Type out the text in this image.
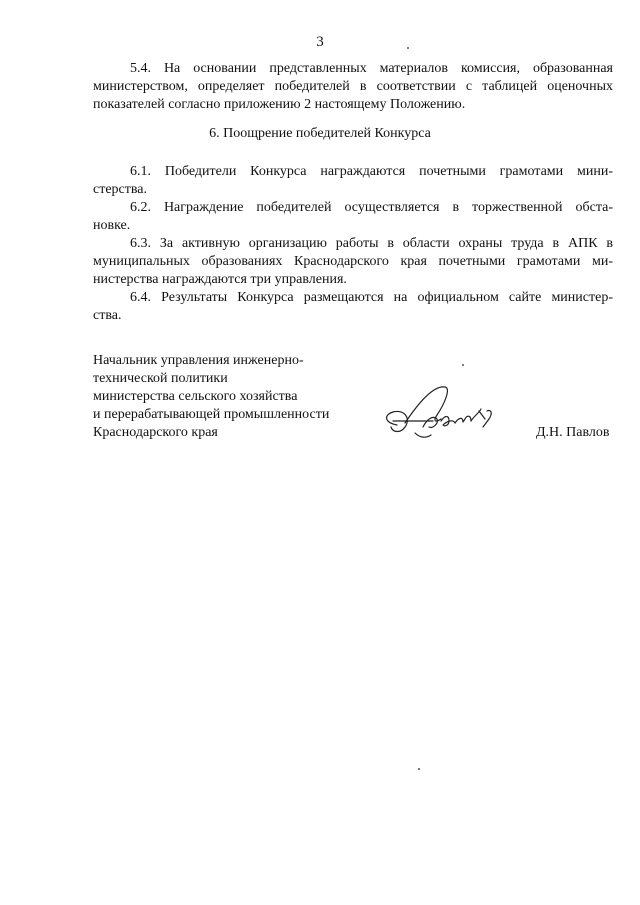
3
5.4. На основании представленных материалов комиссия, образованная
министерством, определяет победителей в соответствии с таблицей оценочных
показателей согласно приложению 2 настоящему Положению.
6. Поощрение победителей Конкурса
6.1. Победители Конкурса награждаются почетными грамотами мини-
стерства.
6.2. Награждение победителей осуществляется в торжественной обста-
новке.
6.3. За активную организацию работы в области охраны труда в АПК в
муниципальных образованиях Краснодарского края почетными грамотами ми-
нистерства награждаются три управления.
6.4. Результаты Конкурса размещаются на официальном сайте министер-
ства.
Начальник управления инженерно-
технической политики
министерства сельского хозяйства
и перерабатывающей промышленности
Краснодарского края	Д.Н. Павлов
